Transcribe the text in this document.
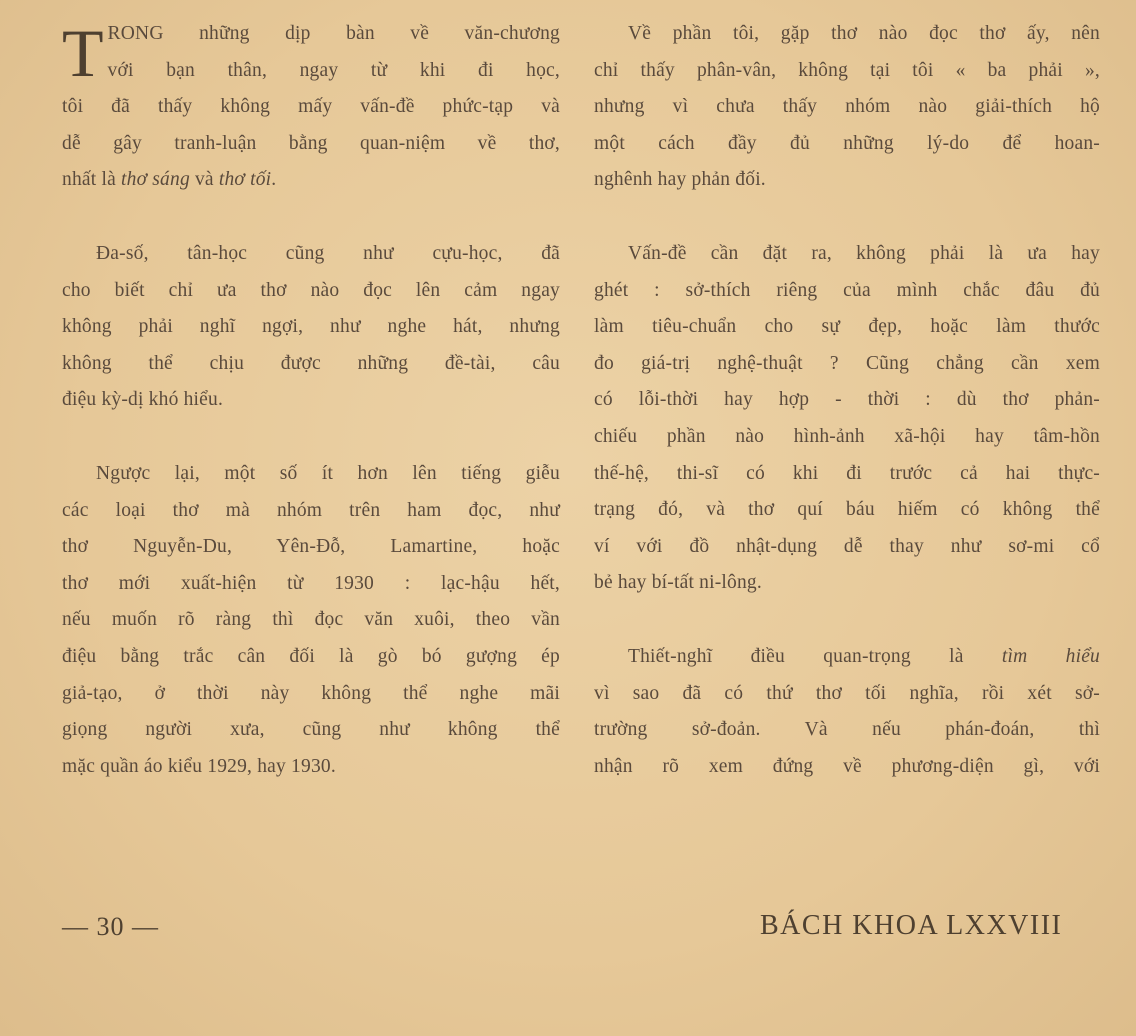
T RONG những dịp bàn về văn-chương
với bạn thân, ngay từ khi đi học,
tôi đã thấy không mấy vấn-đề phức-tạp và
dễ gây tranh-luận bằng quan-niệm về thơ,
nhất là thơ sáng và thơ tối.
Đa-số, tân-học cũng như cựu-học, đã
cho biết chỉ ưa thơ nào đọc lên cảm ngay
không phải nghĩ ngợi, như nghe hát, nhưng
không thể chịu được những đề-tài, câu
điệu kỳ-dị khó hiểu.
Ngược lại, một số ít hơn lên tiếng giễu
các loại thơ mà nhóm trên ham đọc, như
thơ Nguyễn-Du, Yên-Đỗ, Lamartine, hoặc
thơ mới xuất-hiện từ 1930 : lạc-hậu hết,
nếu muốn rõ ràng thì đọc văn xuôi, theo vần
điệu bằng trắc cân đối là gò bó gượng ép
giả-tạo, ở thời này không thể nghe mãi
giọng người xưa, cũng như không thể
mặc quần áo kiểu 1929, hay 1930.
Về phần tôi, gặp thơ nào đọc thơ ấy, nên
chỉ thấy phân-vân, không tại tôi « ba phải »,
nhưng vì chưa thấy nhóm nào giải-thích hộ
một cách đầy đủ những lý-do để hoan-
nghênh hay phản đối.
Vấn-đề cần đặt ra, không phải là ưa hay
ghét : sở-thích riêng của mình chắc đâu đủ
làm tiêu-chuẩn cho sự đẹp, hoặc làm thước
đo giá-trị nghệ-thuật ? Cũng chẳng cần xem
có lỗi-thời hay hợp - thời : dù thơ phản-
chiếu phần nào hình-ảnh xã-hội hay tâm-hồn
thế-hệ, thi-sĩ có khi đi trước cả hai thực-
trạng đó, và thơ quí báu hiếm có không thể
ví với đồ nhật-dụng dễ thay như sơ-mi cổ
bẻ hay bí-tất ni-lông.
Thiết-nghĩ điều quan-trọng là tìm hiểu
vì sao đã có thứ thơ tối nghĩa, rồi xét sở-
trường sở-đoản. Và nếu phán-đoán, thì
nhận rõ xem đứng về phương-diện gì, với
— 30 —	BÁCH KHOA LXXVIII
